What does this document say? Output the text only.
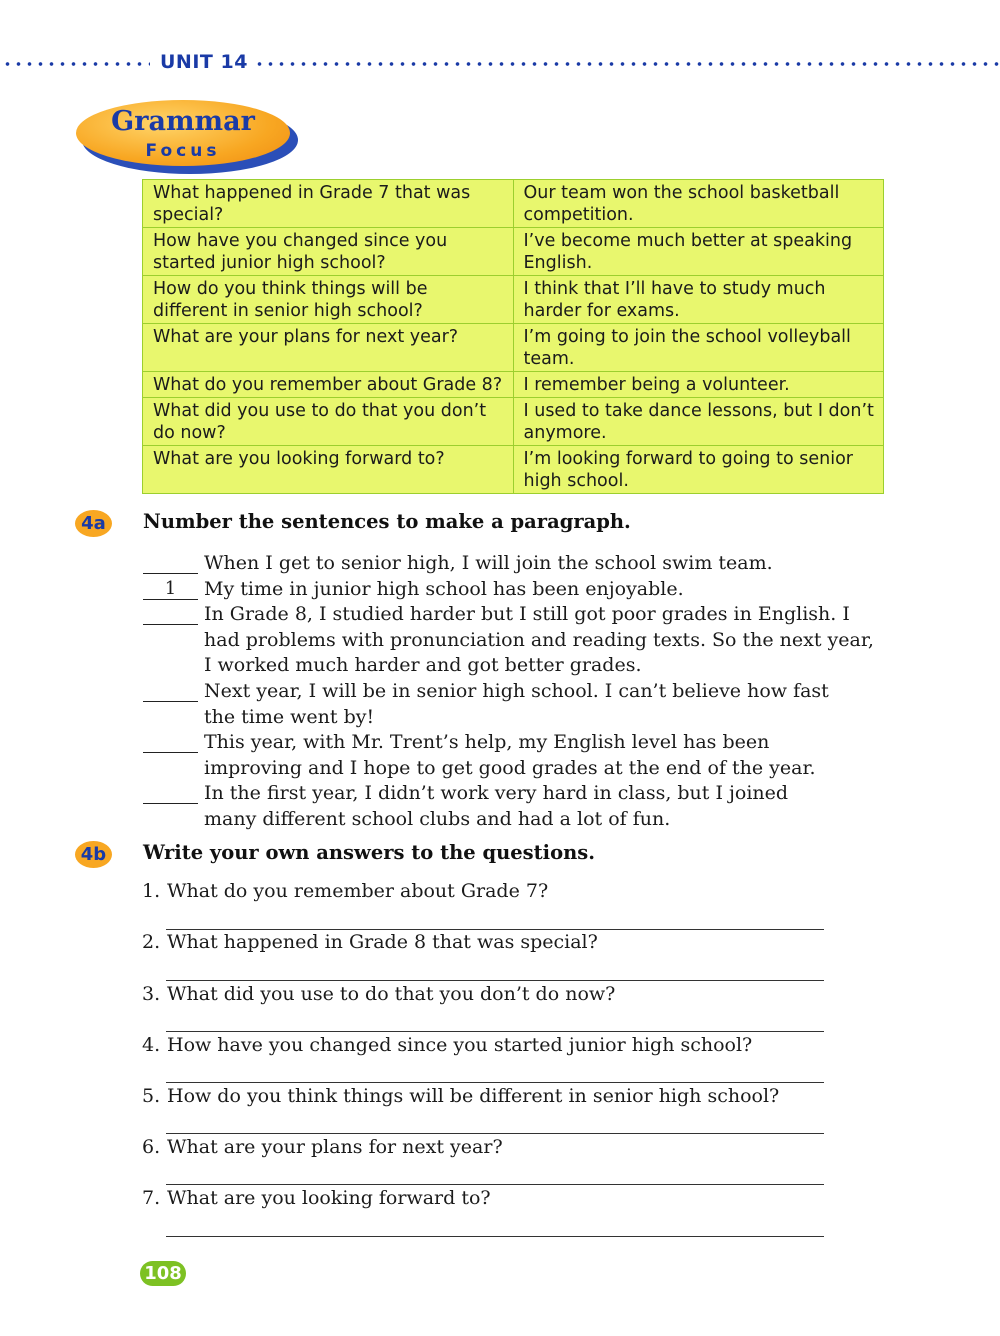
UNIT 14
Grammar
Focus
What happened in Grade 7 that was special?	Our team won the school basketball competition.
How have you changed since you started junior high school?	I’ve become much better at speaking English.
How do you think things will be different in senior high school?	I think that I’ll have to study much harder for exams.
What are your plans for next year?	I’m going to join the school volleyball team.
What do you remember about Grade 8?	I remember being a volunteer.
What did you use to do that you don’t do now?	I used to take dance lessons, but I don’t anymore.
What are you looking forward to?	I’m looking forward to going to senior high school.
4a	Number the sentences to make a paragraph.
When I get to senior high, I will join the school swim team.
1	My time in junior high school has been enjoyable.
In Grade 8, I studied harder but I still got poor grades in English. I had problems with pronunciation and reading texts. So the next year, I worked much harder and got better grades.
Next year, I will be in senior high school. I can’t believe how fast the time went by!
This year, with Mr. Trent’s help, my English level has been improving and I hope to get good grades at the end of the year.
In the first year, I didn’t work very hard in class, but I joined many different school clubs and had a lot of fun.
4b Write your own answers to the questions.
1. What do you remember about Grade 7?
2. What happened in Grade 8 that was special?
3. What did you use to do that you don’t do now?
4. How have you changed since you started junior high school?
5. How do you think things will be different in senior high school?
6. What are your plans for next year?
7. What are you looking forward to?
108
